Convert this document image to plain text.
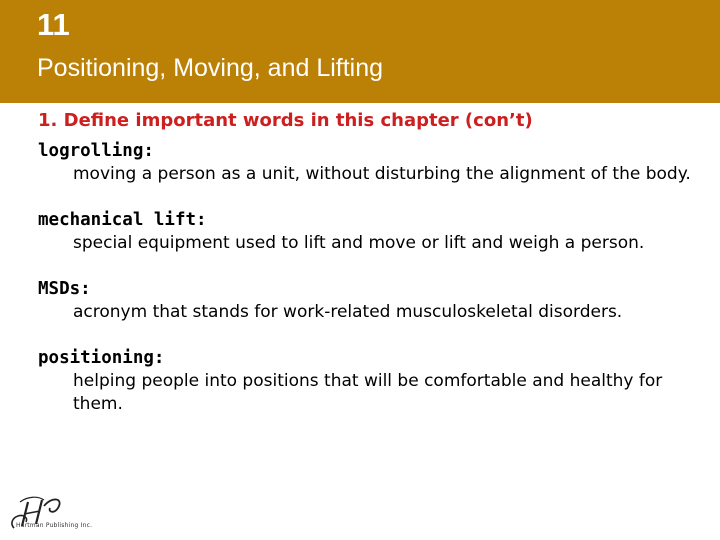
11
Positioning, Moving, and Lifting
1. Define important words in this chapter (con’t)
logrolling:
moving a person as a unit, without disturbing the alignment of the body.
mechanical lift:
special equipment used to lift and move or lift and weigh a person.
MSDs:
acronym that stands for work-related musculoskeletal disorders.
positioning:
helping people into positions that will be comfortable and healthy for them.
Hartman Publishing Inc.
